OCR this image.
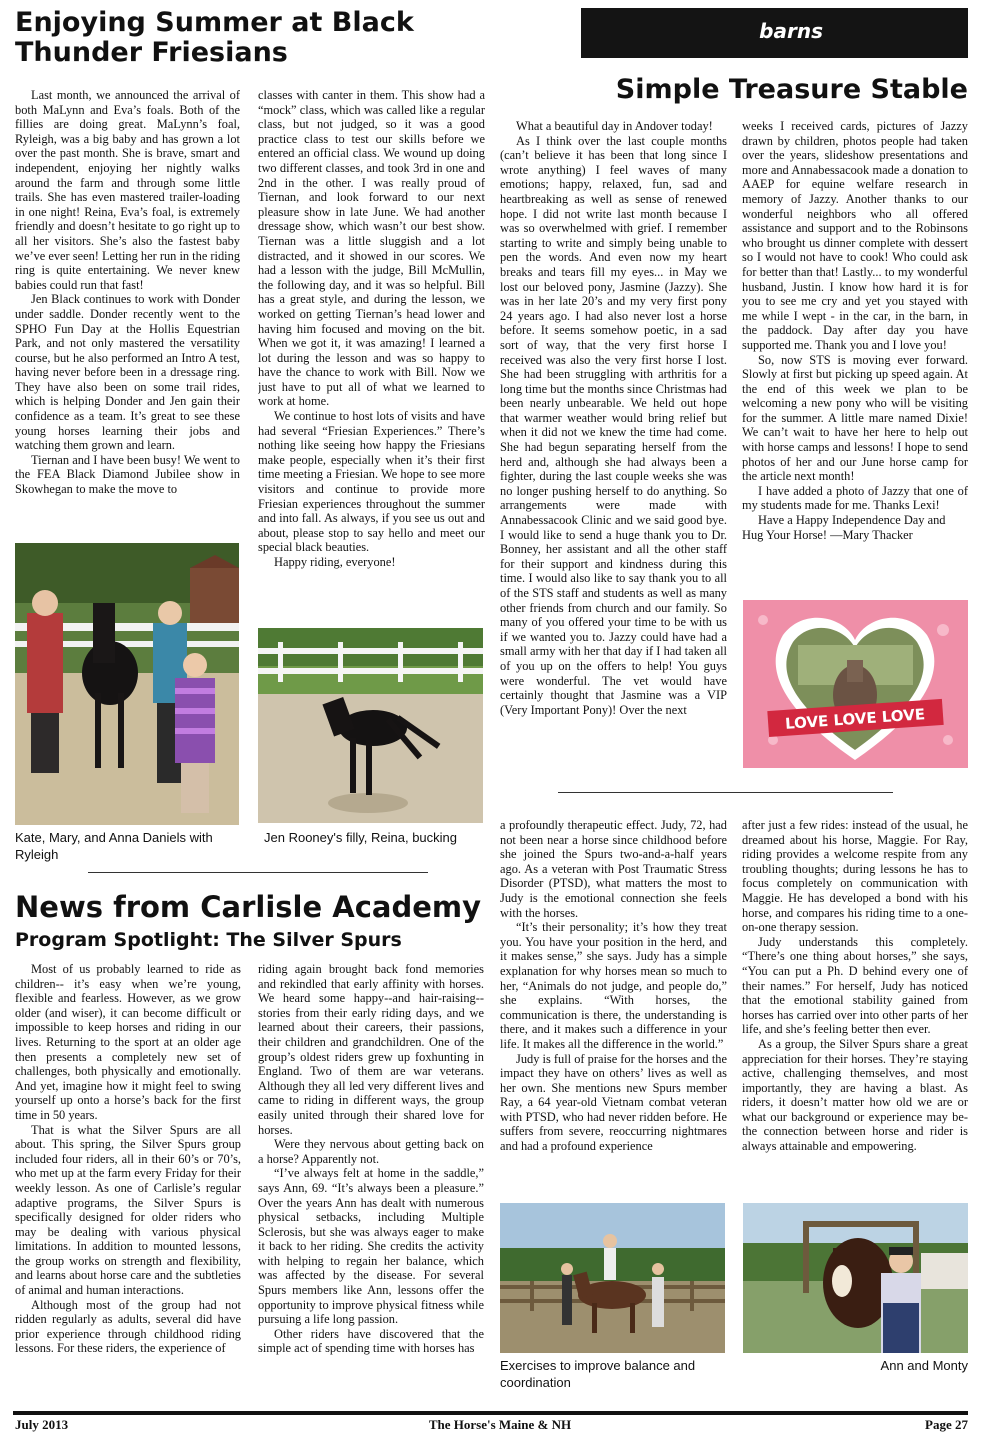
Enjoying Summer at Black
Thunder Friesians

Last month, we announced the arrival of both MaLynn and Eva’s foals. Both of the fillies are doing great. MaLynn’s foal, Ryleigh, was a big baby and has grown a lot over the past month. She is brave, smart and independent, enjoying her nightly walks around the farm and through some little trails. She has even mastered trailer-loading in one night! Reina, Eva’s foal, is extremely friendly and doesn’t hesitate to go right up to all her visitors. She’s also the fastest baby we’ve ever seen! Letting her run in the riding ring is quite entertaining. We never knew babies could run that fast!

Jen Black continues to work with Donder under saddle. Donder recently went to the SPHO Fun Day at the Hollis Equestrian Park, and not only mastered the versatility course, but he also performed an Intro A test, having never before been in a dressage ring. They have also been on some trail rides, which is helping Donder and Jen gain their confidence as a team. It’s great to see these young horses learning their jobs and watching them grown and learn.

Tiernan and I have been busy! We went to the FEA Black Diamond Jubilee show in Skowhegan to make the move to

classes with canter in them. This show had a “mock” class, which was called like a regular class, but not judged, so it was a good practice class to test our skills before we entered an official class. We wound up doing two different classes, and took 3rd in one and 2nd in the other. I was really proud of Tiernan, and look forward to our next pleasure show in late June. We had another dressage show, which wasn’t our best show. Tiernan was a little sluggish and a lot distracted, and it showed in our scores. We had a lesson with the judge, Bill McMullin, the following day, and it was so helpful. Bill has a great style, and during the lesson, we worked on getting Tiernan’s head lower and having him focused and moving on the bit. When we got it, it was amazing! I learned a lot during the lesson and was so happy to have the chance to work with Bill. Now we just have to put all of what we learned to work at home.

We continue to host lots of visits and have had several “Friesian Experiences.” There’s nothing like seeing how happy the Friesians make people, especially when it’s their first time meeting a Friesian. We hope to see more visitors and continue to provide more Friesian experiences throughout the summer and into fall. As always, if you see us out and about, please stop to say hello and meet our special black beauties.

Happy riding, everyone!

Kate, Mary, and Anna Daniels with Ryleigh
Jen Rooney's filly, Reina, bucking
barns
Simple Treasure Stable

What a beautiful day in Andover today!

As I think over the last couple months (can’t believe it has been that long since I wrote anything) I feel waves of many emotions; happy, relaxed, fun, sad and heartbreaking as well as sense of renewed hope. I did not write last month because I was so overwhelmed with grief. I remember starting to write and simply being unable to pen the words. And even now my heart breaks and tears fill my eyes... in May we lost our beloved pony, Jasmine (Jazzy). She was in her late 20’s and my very first pony 24 years ago. I had also never lost a horse before. It seems somehow poetic, in a sad sort of way, that the very first horse I received was also the very first horse I lost. She had been struggling with arthritis for a long time but the months since Christmas had been nearly unbearable. We held out hope that warmer weather would bring relief but when it did not we knew the time had come. She had begun separating herself from the herd and, although she had always been a fighter, during the last couple weeks she was no longer pushing herself to do anything. So arrangements were made with Annabessacook Clinic and we said good bye. I would like to send a huge thank you to Dr. Bonney, her assistant and all the other staff for their support and kindness during this time. I would also like to say thank you to all of the STS staff and students as well as many other friends from church and our family. So many of you offered your time to be with us if we wanted you to. Jazzy could have had a small army with her that day if I had taken all of you up on the offers to help! You guys were wonderful. The vet would have certainly thought that Jasmine was a VIP (Very Important Pony)! Over the next

weeks I received cards, pictures of Jazzy drawn by children, photos people had taken over the years, slideshow presentations and more and Annabessacook made a donation to AAEP for equine welfare research in memory of Jazzy. Another thanks to our wonderful neighbors who all offered assistance and support and to the Robinsons who brought us dinner complete with dessert so I would not have to cook! Who could ask for better than that! Lastly... to my wonderful husband, Justin. I know how hard it is for you to see me cry and yet you stayed with me while I wept - in the car, in the barn, in the paddock. Day after day you have supported me. Thank you and I love you!

So, now STS is moving ever forward. Slowly at first but picking up speed again. At the end of this week we plan to be welcoming a new pony who will be visiting for the summer. A little mare named Dixie! We can’t wait to have her here to help out with horse camps and lessons! I hope to send photos of her and our June horse camp for the article next month!

I have added a photo of Jazzy that one of my students made for me. Thanks Lexi!

Have a Happy Independence Day and Hug Your Horse! —Mary Thacker

LOVE LOVE LOVE
News from Carlisle Academy
Program Spotlight: The Silver Spurs

Most of us probably learned to ride as children-- it’s easy when we’re young, flexible and fearless. However, as we grow older (and wiser), it can become difficult or impossible to keep horses and riding in our lives. Returning to the sport at an older age then presents a completely new set of challenges, both physically and emotionally. And yet, imagine how it might feel to swing yourself up onto a horse’s back for the first time in 50 years.

That is what the Silver Spurs are all about. This spring, the Silver Spurs group included four riders, all in their 60’s or 70’s, who met up at the farm every Friday for their weekly lesson. As one of Carlisle’s regular adaptive programs, the Silver Spurs is specifically designed for older riders who may be dealing with various physical limitations. In addition to mounted lessons, the group works on strength and flexibility, and learns about horse care and the subtleties of animal and human interactions.

Although most of the group had not ridden regularly as adults, several did have prior experience through childhood riding lessons. For these riders, the experience of

riding again brought back fond memories and rekindled that early affinity with horses. We heard some happy--and hair-raising--stories from their early riding days, and we learned about their careers, their passions, their children and grandchildren. One of the group’s oldest riders grew up foxhunting in England. Two of them are war veterans. Although they all led very different lives and came to riding in different ways, the group easily united through their shared love for horses.

Were they nervous about getting back on a horse? Apparently not.

“I’ve always felt at home in the saddle,” says Ann, 69. “It’s always been a pleasure.” Over the years Ann has dealt with numerous physical setbacks, including Multiple Sclerosis, but she was always eager to make it back to her riding. She credits the activity with helping to regain her balance, which was affected by the disease. For several Spurs members like Ann, lessons offer the opportunity to improve physical fitness while pursuing a life long passion.

Other riders have discovered that the simple act of spending time with horses has

a profoundly therapeutic effect. Judy, 72, had not been near a horse since childhood before she joined the Spurs two-and-a-half years ago. As a veteran with Post Traumatic Stress Disorder (PTSD), what matters the most to Judy is the emotional connection she feels with the horses.

“It’s their personality; it’s how they treat you. You have your position in the herd, and it makes sense,” she says. Judy has a simple explanation for why horses mean so much to her, “Animals do not judge, and people do,” she explains. “With horses, the communication is there, the understanding is there, and it makes such a difference in your life. It makes all the difference in the world.”

Judy is full of praise for the horses and the impact they have on others’ lives as well as her own. She mentions new Spurs member Ray, a 64 year-old Vietnam combat veteran with PTSD, who had never ridden before. He suffers from severe, reoccurring nightmares and had a profound experience

after just a few rides: instead of the usual, he dreamed about his horse, Maggie. For Ray, riding provides a welcome respite from any troubling thoughts; during lessons he has to focus completely on communication with Maggie. He has developed a bond with his horse, and compares his riding time to a one-on-one therapy session.

Judy understands this completely. “There’s one thing about horses,” she says, “You can put a Ph. D behind every one of their names.” For herself, Judy has noticed that the emotional stability gained from horses has carried over into other parts of her life, and she’s feeling better then ever.

As a group, the Silver Spurs share a great appreciation for their horses. They’re staying active, challenging themselves, and most importantly, they are having a blast. As riders, it doesn’t matter how old we are or what our background or experience may be- the connection between horse and rider is always attainable and empowering.

Exercises to improve balance and coordination
Ann and Monty
July 2013	The Horse's Maine & NH	Page 27
